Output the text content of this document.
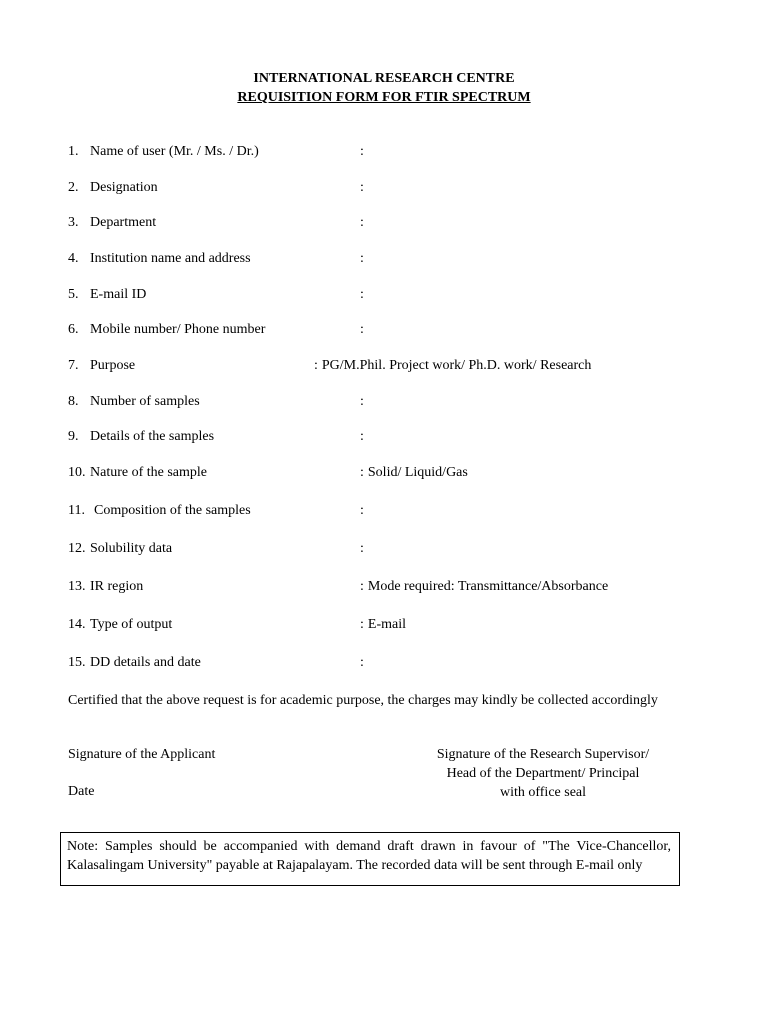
INTERNATIONAL RESEARCH CENTRE
REQUISITION FORM FOR FTIR SPECTRUM
1. Name of user (Mr. / Ms. / Dr.)	:
2. Designation	:
3. Department	:
4. Institution name and address	:
5. E-mail ID	:
6. Mobile number/ Phone number	:
7. Purpose	: PG/M.Phil. Project work/ Ph.D. work/ Research
8. Number of samples	:
9. Details of the samples	:
10. Nature of the sample	: Solid/ Liquid/Gas
11. Composition of the samples	:
12. Solubility data	:
13. IR region	: Mode required: Transmittance/Absorbance
14. Type of output	: E-mail
15. DD details and date	:
Certified that the above request is for academic purpose, the charges may kindly be collected accordingly
Signature of the Applicant
Date
Signature of the Research Supervisor/
Head of the Department/ Principal
with office seal
Note: Samples should be accompanied with demand draft drawn in favour of "The Vice-Chancellor, Kalasalingam University" payable at Rajapalayam. The recorded data will be sent through E-mail only
